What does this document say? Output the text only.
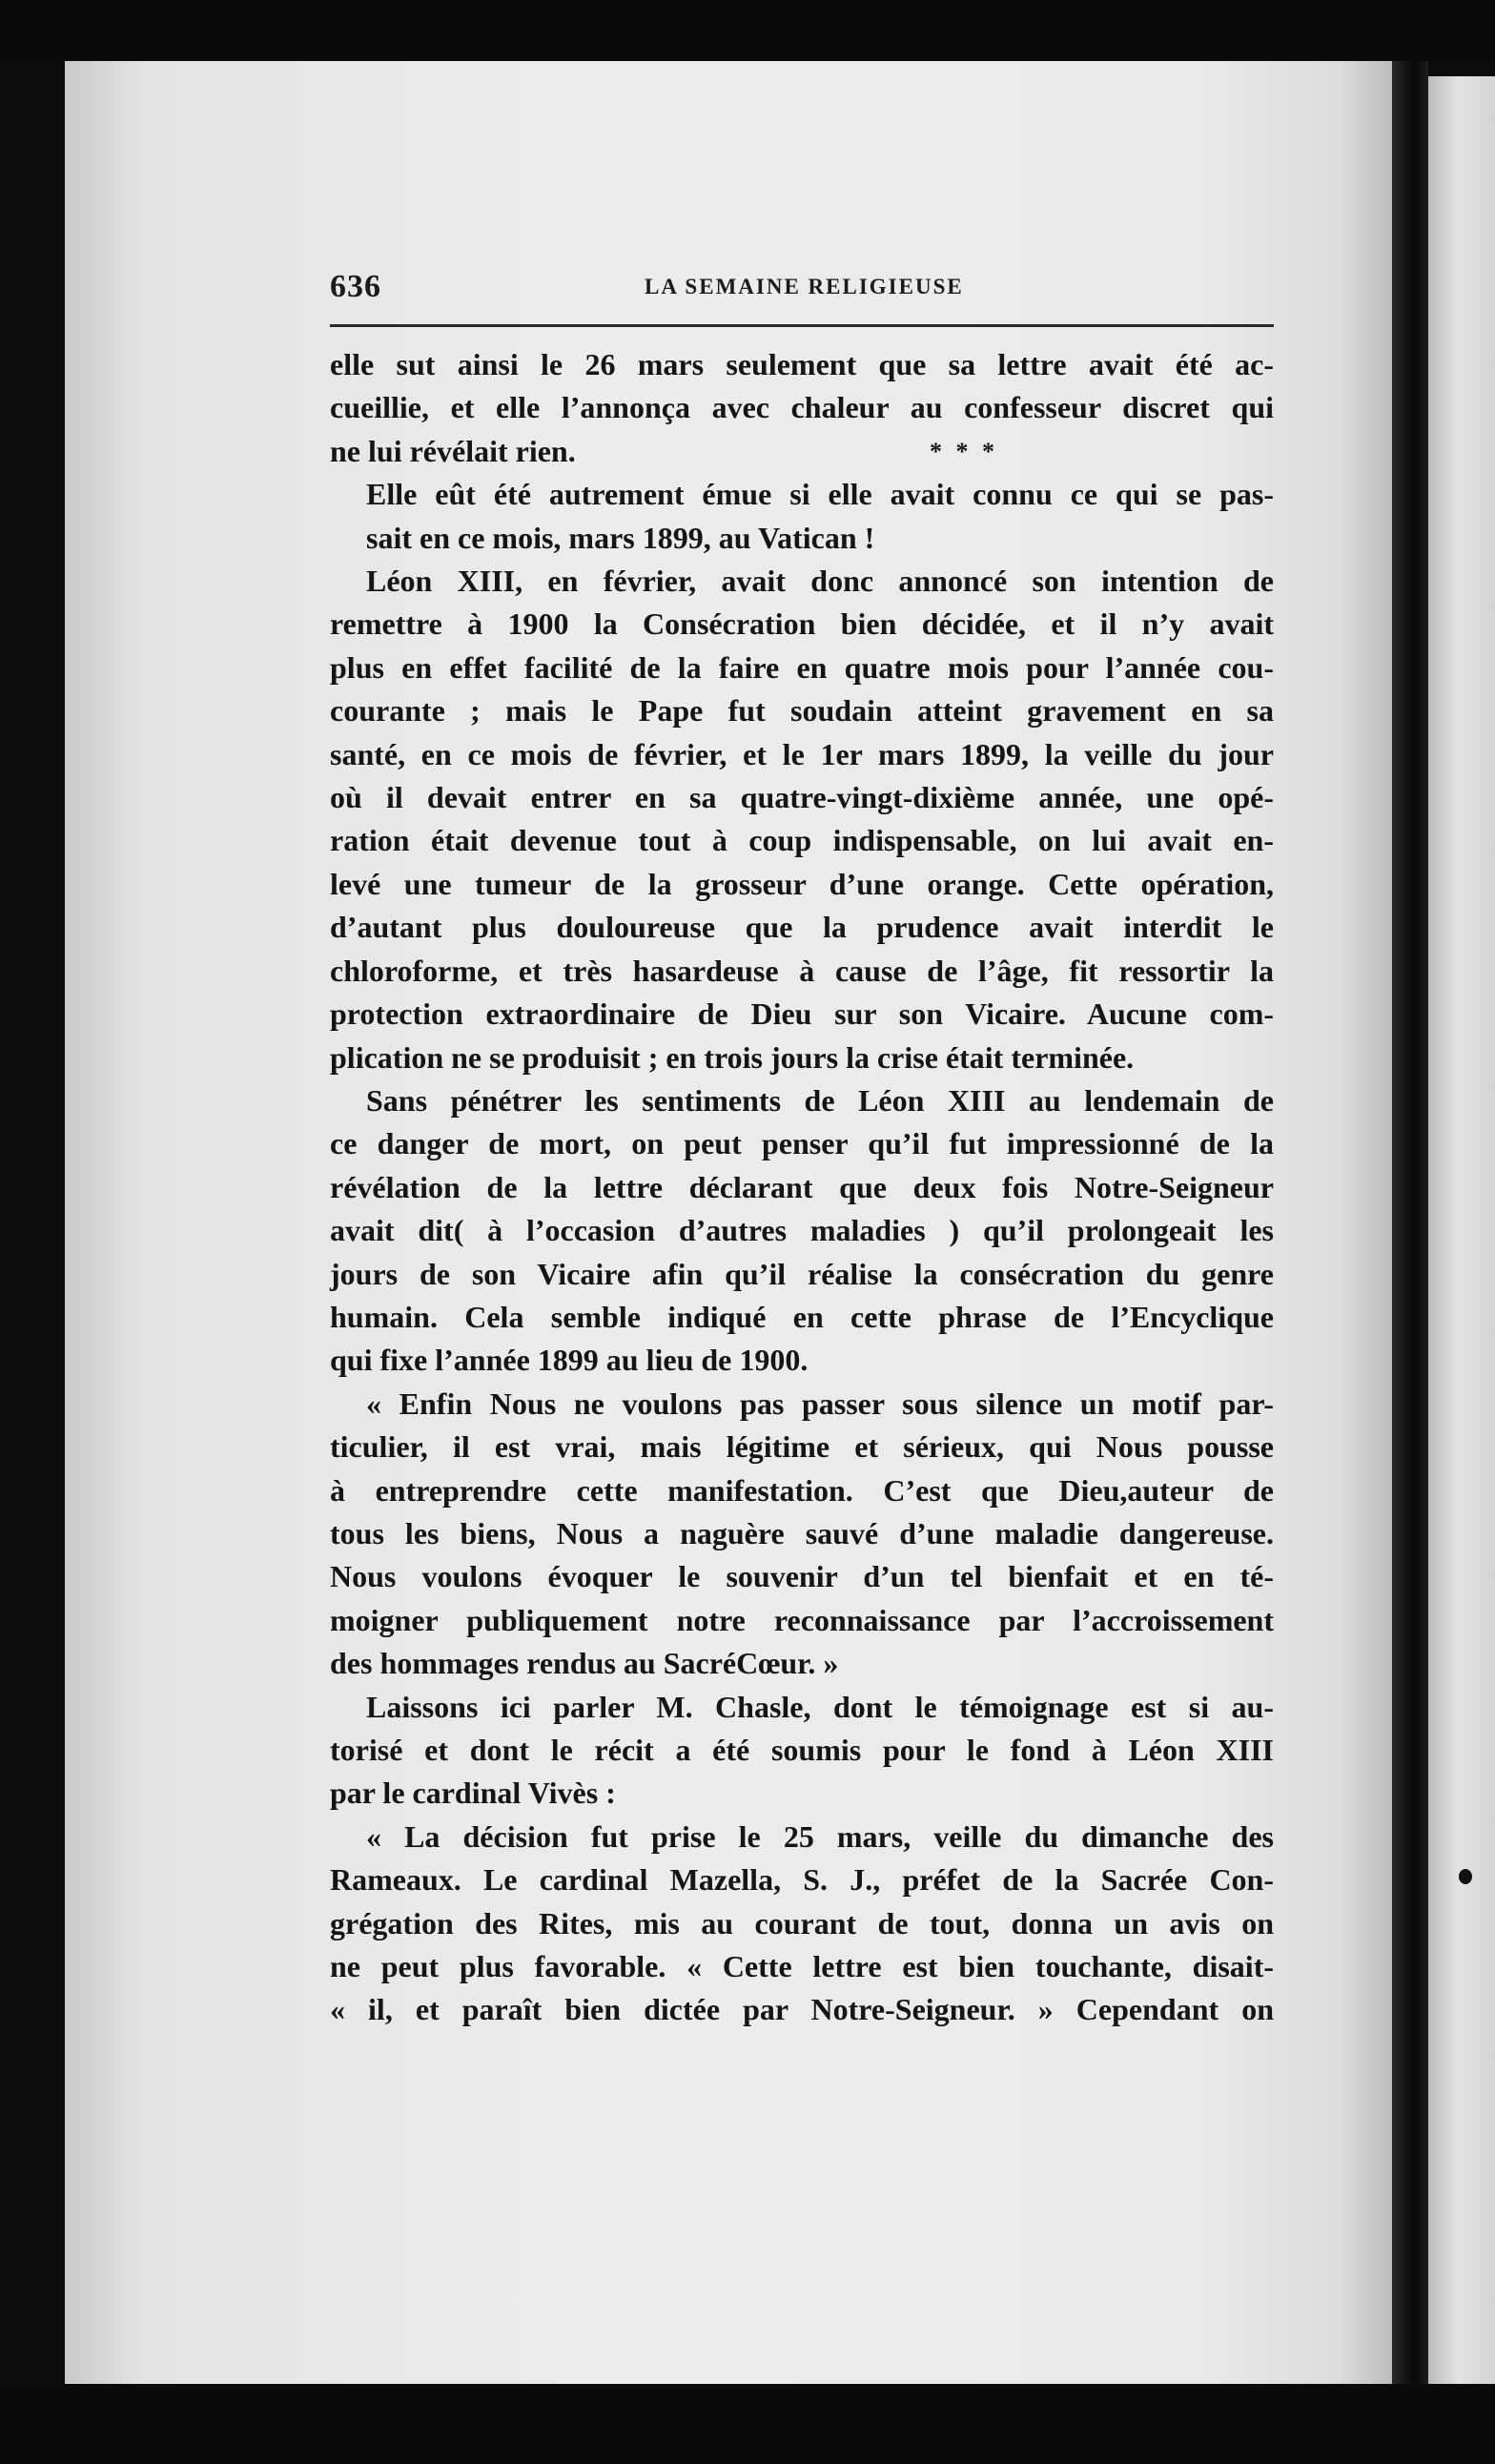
636	LA SEMAINE RELIGIEUSE

elle sut ainsi le 26 mars seulement que sa lettre avait été ac-
cueillie, et elle l’annonça avec chaleur au confesseur discret qui
ne lui révélait rien.	* * *

Elle eût été autrement émue si elle avait connu ce qui se pas-
sait en ce mois, mars 1899, au Vatican !

Léon XIII, en février, avait donc annoncé son intention de
remettre à 1900 la Consécration bien décidée, et il n’y avait
plus en effet facilité de la faire en quatre mois pour l’année cou-
courante ; mais le Pape fut soudain atteint gravement en sa
santé, en ce mois de février, et le 1er mars 1899, la veille du jour
où il devait entrer en sa quatre-vingt-dixième année, une opé-
ration était devenue tout à coup indispensable, on lui avait en-
levé une tumeur de la grosseur d’une orange. Cette opération,
d’autant plus douloureuse que la prudence avait interdit le
chloroforme, et très hasardeuse à cause de l’âge, fit ressortir la
protection extraordinaire de Dieu sur son Vicaire. Aucune com-
plication ne se produisit ; en trois jours la crise était terminée.

Sans pénétrer les sentiments de Léon XIII au lendemain de
ce danger de mort, on peut penser qu’il fut impressionné de la
révélation de la lettre déclarant que deux fois Notre-Seigneur
avait dit( à l’occasion d’autres maladies ) qu’il prolongeait les
jours de son Vicaire afin qu’il réalise la consécration du genre
humain. Cela semble indiqué en cette phrase de l’Encyclique
qui fixe l’année 1899 au lieu de 1900.

« Enfin Nous ne voulons pas passer sous silence un motif par-
ticulier, il est vrai, mais légitime et sérieux, qui Nous pousse
à entreprendre cette manifestation. C’est que Dieu,auteur de
tous les biens, Nous a naguère sauvé d’une maladie dangereuse.
Nous voulons évoquer le souvenir d’un tel bienfait et en té-
moigner publiquement notre reconnaissance par l’accroissement
des hommages rendus au SacréCœur. »

Laissons ici parler M. Chasle, dont le témoignage est si au-
torisé et dont le récit a été soumis pour le fond à Léon XIII
par le cardinal Vivès :

« La décision fut prise le 25 mars, veille du dimanche des
Rameaux. Le cardinal Mazella, S. J., préfet de la Sacrée Con-
grégation des Rites, mis au courant de tout, donna un avis on
ne peut plus favorable. « Cette lettre est bien touchante, disait-
« il, et paraît bien dictée par Notre-Seigneur. » Cependant on
